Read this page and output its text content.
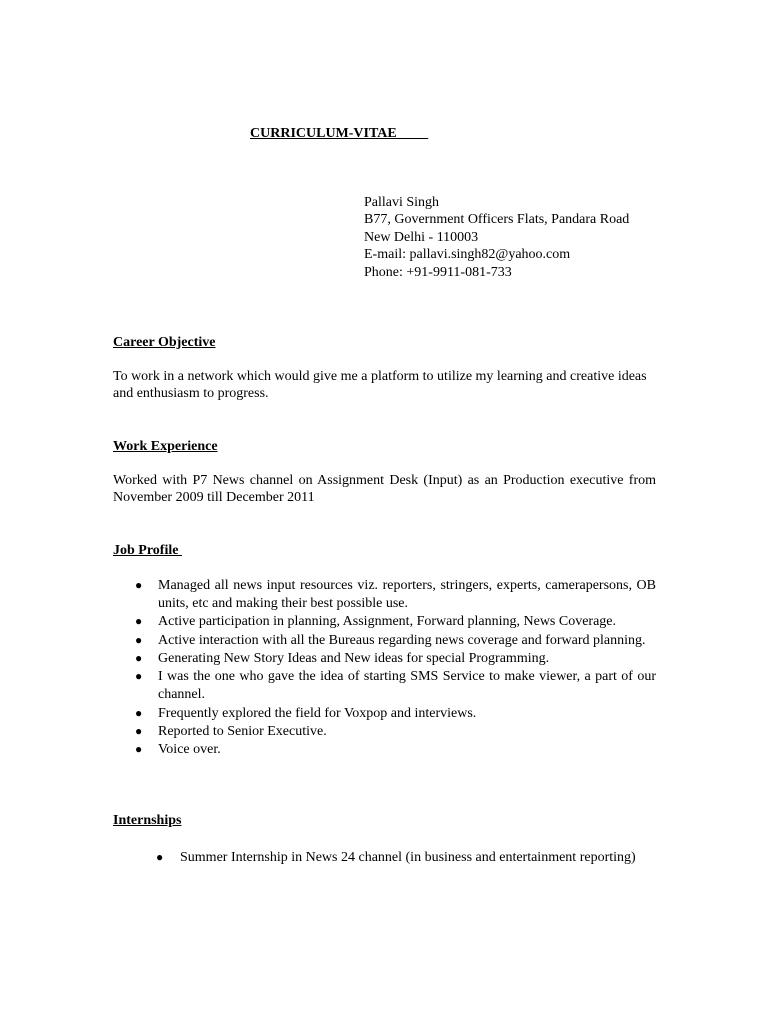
CURRICULUM-VITAE
Pallavi Singh
B77, Government Officers Flats, Pandara Road
New Delhi - 110003
E-mail: pallavi.singh82@yahoo.com
Phone: +91-9911-081-733
Career Objective
To work in a network which would give me a platform to utilize my learning and creative ideas and enthusiasm to progress.
Work Experience
Worked with P7 News channel on Assignment Desk (Input) as an Production executive from November 2009 till December 2011
Job Profile
● Managed all news input resources viz. reporters, stringers, experts, camerapersons, OB units, etc and making their best possible use.
● Active participation in planning, Assignment, Forward planning, News Coverage.
● Active interaction with all the Bureaus regarding news coverage and forward planning.
● Generating New Story Ideas and New ideas for special Programming.
● I was the one who gave the idea of starting SMS Service to make viewer, a part of our channel.
● Frequently explored the field for Voxpop and interviews.
● Reported to Senior Executive.
● Voice over.
Internships
● Summer Internship in News 24 channel (in business and entertainment reporting)
